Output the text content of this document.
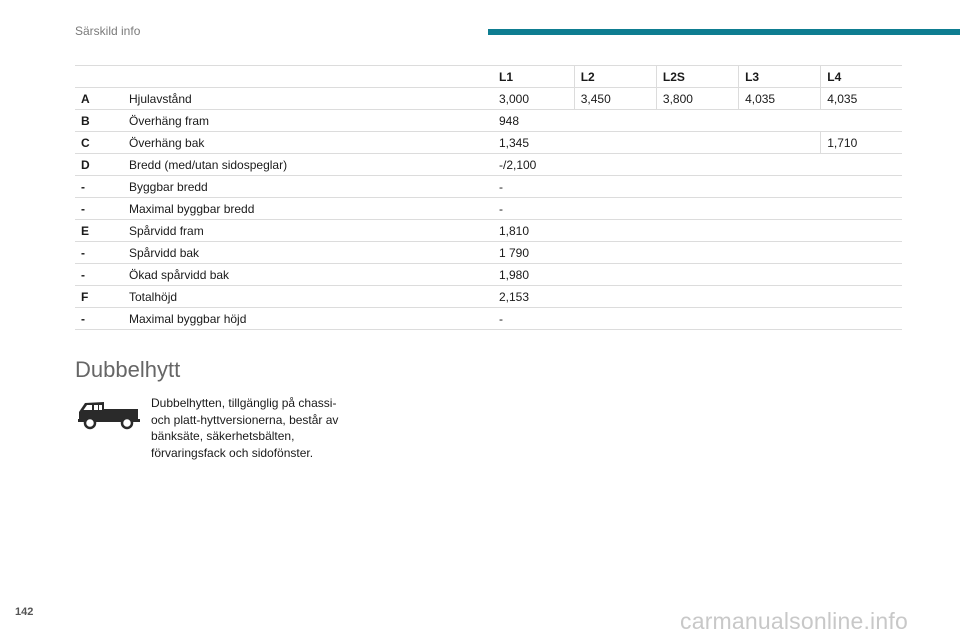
Särskild info
		L1	L2	L2S	L3	L4
A	Hjulavstånd	3,000	3,450	3,800	4,035	4,035
B	Överhäng fram	948				
C	Överhäng bak	1,345				1,710
D	Bredd (med/utan sidospeglar)	-/2,100				
-	Byggbar bredd	-				
-	Maximal byggbar bredd	-				
E	Spårvidd fram	1,810				
-	Spårvidd bak	1 790				
-	Ökad spårvidd bak	1,980				
F	Totalhöjd	2,153				
-	Maximal byggbar höjd	-				
Dubbelhytt

Dubbelhytten, tillgänglig på chassi- och platt-hyttversionerna, består av bänksäte, säkerhetsbälten, förvaringsfack och sidofönster.

142	carmanualsonline.info
